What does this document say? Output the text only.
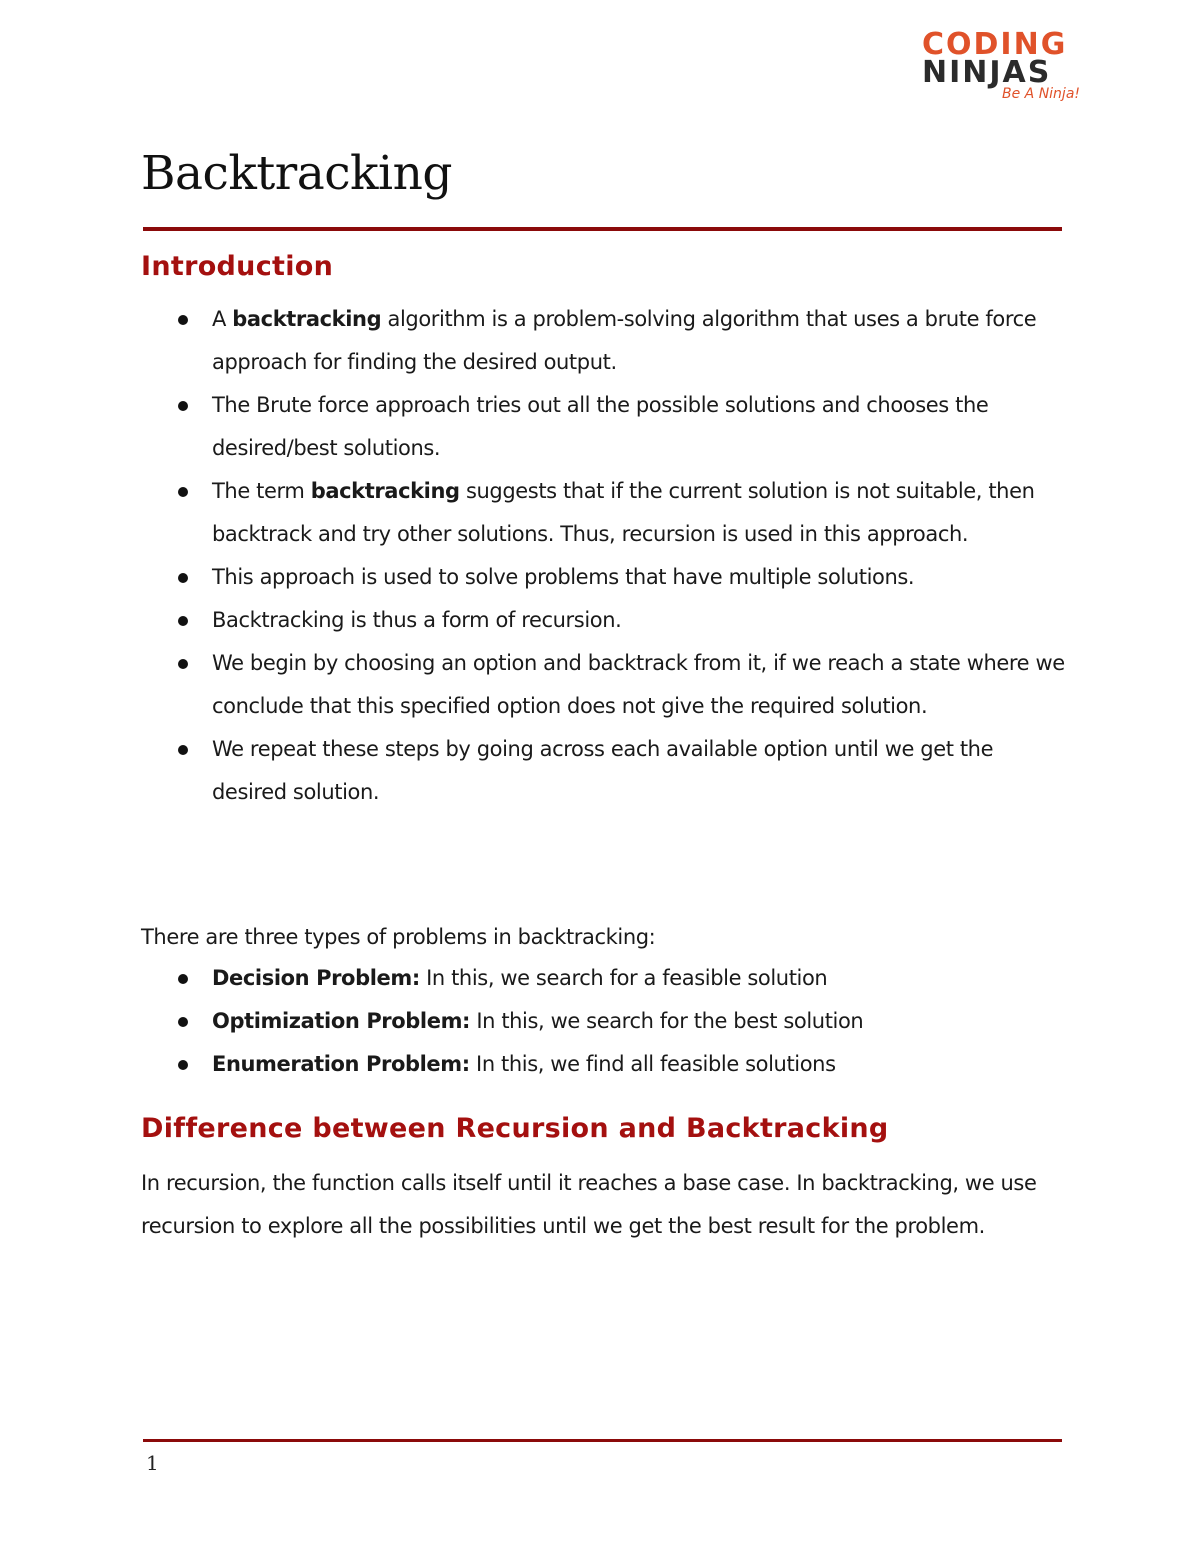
CODING
NINJAS
Be A Ninja!
Backtracking
Introduction
A backtracking algorithm is a problem-solving algorithm that uses a brute force approach for finding the desired output.
The Brute force approach tries out all the possible solutions and chooses the desired/best solutions.
The term backtracking suggests that if the current solution is not suitable, then backtrack and try other solutions. Thus, recursion is used in this approach.
This approach is used to solve problems that have multiple solutions.
Backtracking is thus a form of recursion.
We begin by choosing an option and backtrack from it, if we reach a state where we conclude that this specified option does not give the required solution.
We repeat these steps by going across each available option until we get the desired solution.

There are three types of problems in backtracking:

Decision Problem: In this, we search for a feasible solution
Optimization Problem: In this, we search for the best solution
Enumeration Problem: In this, we find all feasible solutions
Difference between Recursion and Backtracking

In recursion, the function calls itself until it reaches a base case. In backtracking, we use recursion to explore all the possibilities until we get the best result for the problem.

1
